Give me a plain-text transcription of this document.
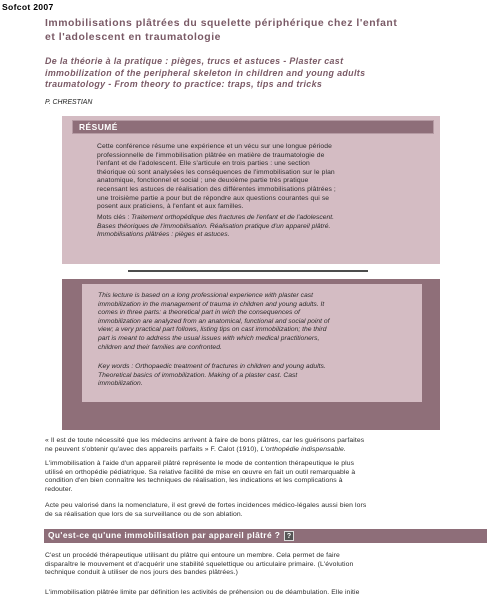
Sofcot 2007
Immobilisations plâtrées du squelette périphérique chez l'enfant
et l'adolescent en traumatologie
De la théorie à la pratique : pièges, trucs et astuces - Plaster cast
immobilization of the peripheral skeleton in children and young adults
traumatology - From theory to practice: traps, tips and tricks
P. CHRESTIAN
RÉSUMÉ
Cette conférence résume une expérience et un vécu sur une longue période
professionnelle de l'immobilisation plâtrée en matière de traumatologie de
l'enfant et de l'adolescent. Elle s'articule en trois parties : une section
théorique où sont analysées les conséquences de l'immobilisation sur le plan
anatomique, fonctionnel et social ; une deuxième partie très pratique
recensant les astuces de réalisation des différentes immobilisations plâtrées ;
une troisième partie a pour but de répondre aux questions courantes qui se
posent aux praticiens, à l'enfant et aux familles.
Mots clés : Traitement orthopédique des fractures de l'enfant et de l'adolescent.
Bases théoriques de l'immobilisation. Réalisation pratique d'un appareil plâtré.
Immobilisations plâtrées : pièges et astuces.
This lecture is based on a long professional experience with plaster cast
immobilization in the management of trauma in children and young adults. It
comes in three parts: a theoretical part in wich the consequences of
immobilization are analyzed from an anatomical, functional and social point of
view; a very practical part follows, listing tips on cast immobilization; the third
part is meant to address the usual issues with which medical practitioners,
children and their families are confronted.
Key words : Orthopaedic treatment of fractures in children and young adults.
Theoretical basics of immobilization. Making of a plaster cast. Cast
immobilization.
« Il est de toute nécessité que les médecins arrivent à faire de bons plâtres, car les guérisons parfaites
ne peuvent s'obtenir qu'avec des appareils parfaits » F. Calot (1910), L'orthopédie indispensable.
L'immobilisation à l'aide d'un appareil plâtré représente le mode de contention thérapeutique le plus
utilisé en orthopédie pédiatrique. Sa relative facilité de mise en œuvre en fait un outil remarquable à
condition d'en bien connaître les techniques de réalisation, les indications et les complications à
redouter.
Acte peu valorisé dans la nomenclature, il est grevé de fortes incidences médico-légales aussi bien lors
de sa réalisation que lors de sa surveillance ou de son ablation.
Qu'est-ce qu'une immobilisation par appareil plâtré ? ?
C'est un procédé thérapeutique utilisant du plâtre qui entoure un membre. Cela permet de faire
disparaître le mouvement et d'acquérir une stabilité squelettique ou articulaire primaire. (L'évolution
technique conduit à utiliser de nos jours des bandes plâtrées.)
L'immobilisation plâtrée limite par définition les activités de préhension ou de déambulation. Elle initie
